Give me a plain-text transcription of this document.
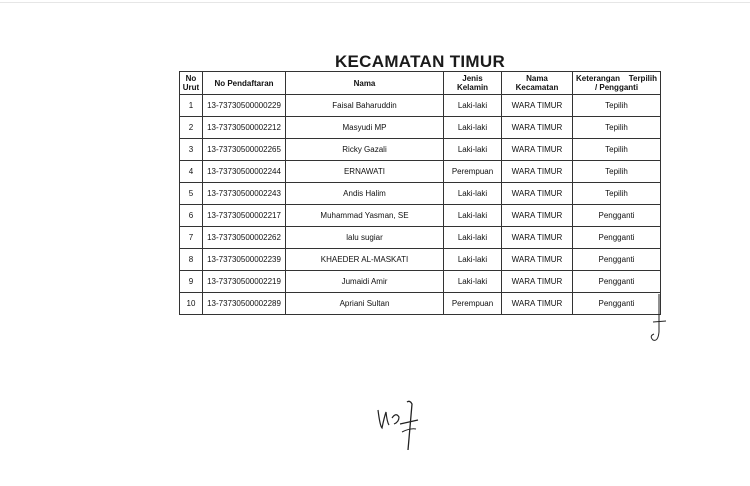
KECAMATAN TIMUR
No Urut	No Pendaftaran	Nama	Jenis Kelamin	Nama Kecamatan	Keterangan Terpilih
/ Pengganti

1	13-73730500000229	Faisal Baharuddin	Laki-laki	WARA TIMUR	Tepilih
2	13-73730500002212	Masyudi MP	Laki-laki	WARA TIMUR	Tepilih
3	13-73730500002265	Ricky Gazali	Laki-laki	WARA TIMUR	Tepilih
4	13-73730500002244	ERNAWATI	Perempuan	WARA TIMUR	Tepilih
5	13-73730500002243	Andis Halim	Laki-laki	WARA TIMUR	Tepilih
6	13-73730500002217	Muhammad Yasman, SE	Laki-laki	WARA TIMUR	Pengganti
7	13-73730500002262	lalu sugiar	Laki-laki	WARA TIMUR	Pengganti
8	13-73730500002239	KHAEDER AL-MASKATI	Laki-laki	WARA TIMUR	Pengganti
9	13-73730500002219	Jumaidi Amir	Laki-laki	WARA TIMUR	Pengganti
10	13-73730500002289	Apriani Sultan	Perempuan	WARA TIMUR	Pengganti
